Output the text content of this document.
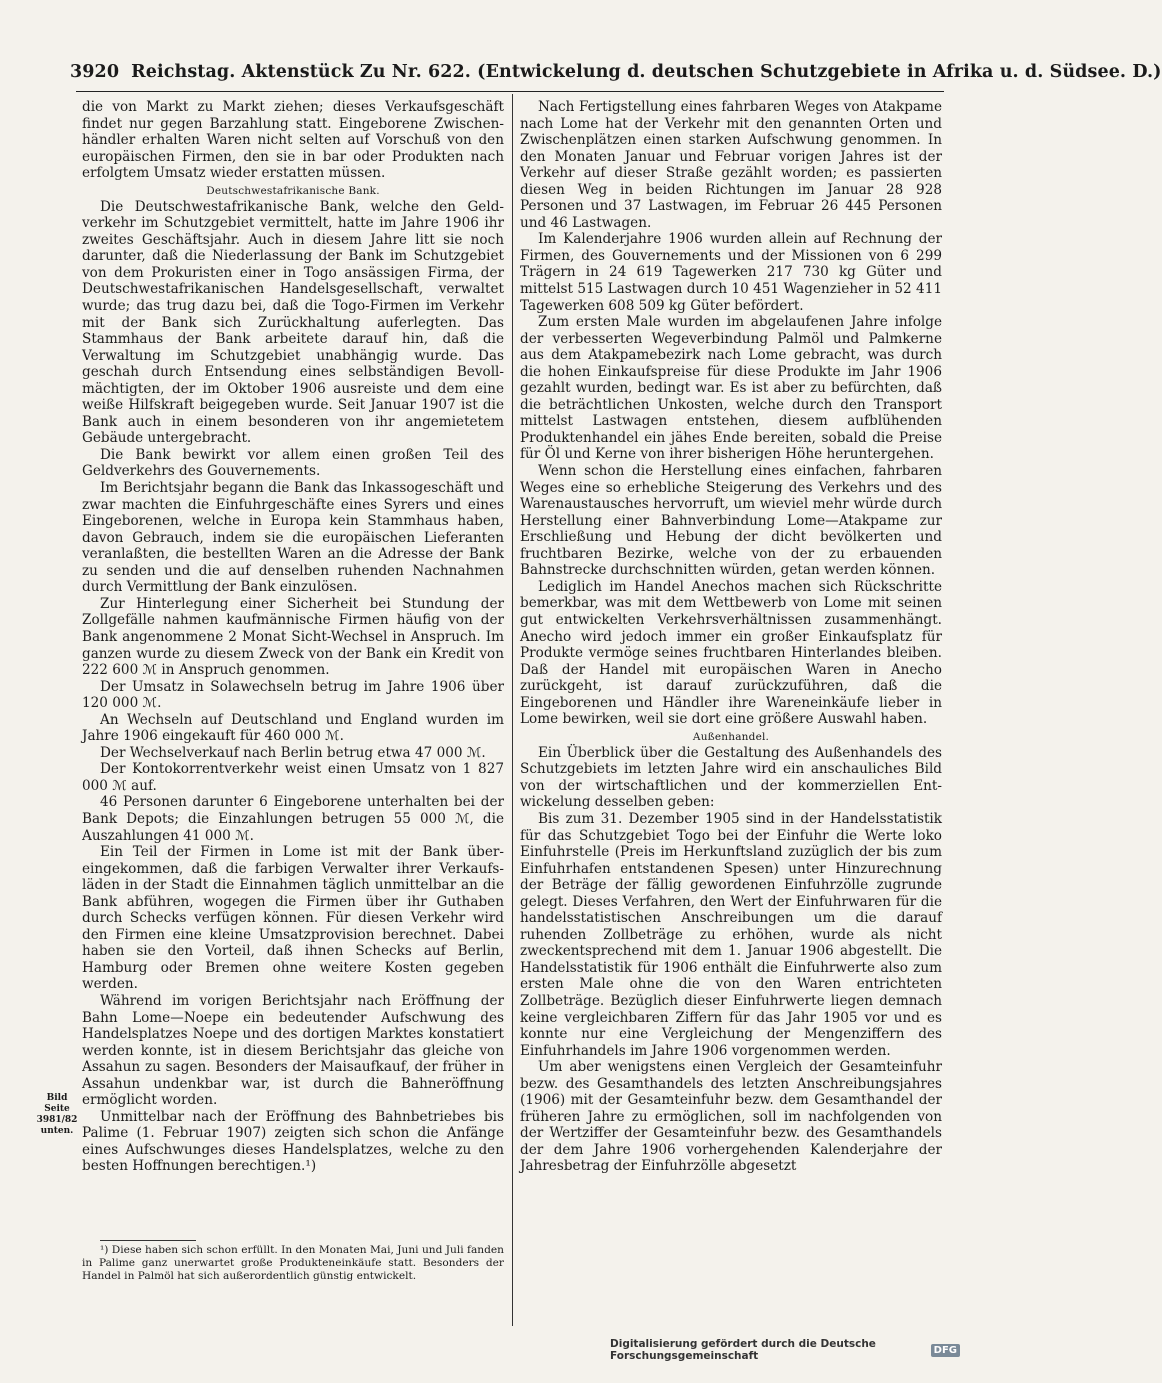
3920 Reichstag. Aktenstück Zu Nr. 622. (Entwickelung d. deutschen Schutzgebiete in Afrika u. d. Südsee. D.)

die von Markt zu Markt ziehen; dieses Verkaufsgeschäft findet nur gegen Barzahlung statt. Eingeborene Zwischenhändler erhalten Waren nicht selten auf Vorschuß von den europäischen Firmen, den sie in bar oder Produkten nach erfolgtem Umsatz wieder erstatten müssen.

Deutschwestafrikanische Bank.

Die Deutschwestafrikanische Bank, welche den Geldverkehr im Schutzgebiet vermittelt, hatte im Jahre 1906 ihr zweites Geschäftsjahr. Auch in diesem Jahre litt sie noch darunter, daß die Niederlassung der Bank im Schutzgebiet von dem Prokuristen einer in Togo ansässigen Firma, der Deutschwestafrikanischen Handelsgesellschaft, verwaltet wurde; das trug dazu bei, daß die Togo-Firmen im Verkehr mit der Bank sich Zurückhaltung auferlegten. Das Stammhaus der Bank arbeitete darauf hin, daß die Verwaltung im Schutzgebiet unabhängig wurde. Das geschah durch Entsendung eines selbständigen Bevollmächtigten, der im Oktober 1906 ausreiste und dem eine weiße Hilfskraft beigegeben wurde. Seit Januar 1907 ist die Bank auch in einem besonderen von ihr angemietetem Gebäude untergebracht.

Die Bank bewirkt vor allem einen großen Teil des Geldverkehrs des Gouvernements.

Im Berichtsjahr begann die Bank das Inkassogeschäft und zwar machten die Einfuhrgeschäfte eines Syrers und eines Eingeborenen, welche in Europa kein Stammhaus haben, davon Gebrauch, indem sie die europäischen Lieferanten veranlaßten, die bestellten Waren an die Adresse der Bank zu senden und die auf denselben ruhenden Nachnahmen durch Vermittlung der Bank einzulösen.

Zur Hinterlegung einer Sicherheit bei Stundung der Zollgefälle nahmen kaufmännische Firmen häufig von der Bank angenommene 2 Monat Sicht-Wechsel in Anspruch. Im ganzen wurde zu diesem Zweck von der Bank ein Kredit von 222 600 ℳ in Anspruch genommen.

Der Umsatz in Solawechseln betrug im Jahre 1906 über 120 000 ℳ.

An Wechseln auf Deutschland und England wurden im Jahre 1906 eingekauft für 460 000 ℳ.

Der Wechselverkauf nach Berlin betrug etwa 47 000 ℳ.

Der Kontokorrentverkehr weist einen Umsatz von 1 827 000 ℳ auf.

46 Personen darunter 6 Eingeborene unterhalten bei der Bank Depots; die Einzahlungen betrugen 55 000 ℳ, die Auszahlungen 41 000 ℳ.

Ein Teil der Firmen in Lome ist mit der Bank übereingekommen, daß die farbigen Verwalter ihrer Verkaufsläden in der Stadt die Einnahmen täglich unmittelbar an die Bank abführen, wogegen die Firmen über ihr Guthaben durch Schecks verfügen können. Für diesen Verkehr wird den Firmen eine kleine Umsatzprovision berechnet. Dabei haben sie den Vorteil, daß ihnen Schecks auf Berlin, Hamburg oder Bremen ohne weitere Kosten gegeben werden.

Während im vorigen Berichtsjahr nach Eröffnung der Bahn Lome—Noepe ein bedeutender Aufschwung des Handelsplatzes Noepe und des dortigen Marktes konstatiert werden konnte, ist in diesem Berichtsjahr das gleiche von Assahun zu sagen. Besonders der Maisaufkauf, der früher in Assahun undenkbar war, ist durch die Bahneröffnung ermöglicht worden.

Unmittelbar nach der Eröffnung des Bahnbetriebes bis Palime (1. Februar 1907) zeigten sich schon die Anfänge eines Aufschwunges dieses Handelsplatzes, welche zu den besten Hoffnungen berechtigen.¹)

Bild Seite 3981/82 unten.

¹) Diese haben sich schon erfüllt. In den Monaten Mai, Juni und Juli fanden in Palime ganz unerwartet große Produkteneinkäufe statt. Besonders der Handel in Palmöl hat sich außerordentlich günstig entwickelt.

Nach Fertigstellung eines fahrbaren Weges von Atakpame nach Lome hat der Verkehr mit den genannten Orten und Zwischenplätzen einen starken Aufschwung genommen. In den Monaten Januar und Februar vorigen Jahres ist der Verkehr auf dieser Straße gezählt worden; es passierten diesen Weg in beiden Richtungen im Januar 28 928 Personen und 37 Lastwagen, im Februar 26 445 Personen und 46 Lastwagen.

Im Kalenderjahre 1906 wurden allein auf Rechnung der Firmen, des Gouvernements und der Missionen von 6 299 Trägern in 24 619 Tagewerken 217 730 kg Güter und mittelst 515 Lastwagen durch 10 451 Wagenzieher in 52 411 Tagewerken 608 509 kg Güter befördert.

Zum ersten Male wurden im abgelaufenen Jahre infolge der verbesserten Wegeverbindung Palmöl und Palmkerne aus dem Atakpamebezirk nach Lome gebracht, was durch die hohen Einkaufspreise für diese Produkte im Jahr 1906 gezahlt wurden, bedingt war. Es ist aber zu befürchten, daß die beträchtlichen Unkosten, welche durch den Transport mittelst Lastwagen entstehen, diesem aufblühenden Produktenhandel ein jähes Ende bereiten, sobald die Preise für Öl und Kerne von ihrer bisherigen Höhe heruntergehen.

Wenn schon die Herstellung eines einfachen, fahrbaren Weges eine so erhebliche Steigerung des Verkehrs und des Warenaustausches hervorruft, um wieviel mehr würde durch Herstellung einer Bahnverbindung Lome—Atakpame zur Erschließung und Hebung der dicht bevölkerten und fruchtbaren Bezirke, welche von der zu erbauenden Bahnstrecke durchschnitten würden, getan werden können.

Lediglich im Handel Anechos machen sich Rückschritte bemerkbar, was mit dem Wettbewerb von Lome mit seinen gut entwickelten Verkehrsverhältnissen zusammenhängt. Anecho wird jedoch immer ein großer Einkaufsplatz für Produkte vermöge seines fruchtbaren Hinterlandes bleiben. Daß der Handel mit europäischen Waren in Anecho zurückgeht, ist darauf zurückzuführen, daß die Eingeborenen und Händler ihre Wareneinkäufe lieber in Lome bewirken, weil sie dort eine größere Auswahl haben.

Außenhandel.

Ein Überblick über die Gestaltung des Außenhandels des Schutzgebiets im letzten Jahre wird ein anschauliches Bild von der wirtschaftlichen und der kommerziellen Entwickelung desselben geben:

Bis zum 31. Dezember 1905 sind in der Handelsstatistik für das Schutzgebiet Togo bei der Einfuhr die Werte loko Einfuhrstelle (Preis im Herkunftsland zuzüglich der bis zum Einfuhrhafen entstandenen Spesen) unter Hinzurechnung der Beträge der fällig gewordenen Einfuhrzölle zugrunde gelegt. Dieses Verfahren, den Wert der Einfuhrwaren für die handelsstatistischen Anschreibungen um die darauf ruhenden Zollbeträge zu erhöhen, wurde als nicht zweckentsprechend mit dem 1. Januar 1906 abgestellt. Die Handelsstatistik für 1906 enthält die Einfuhrwerte also zum ersten Male ohne die von den Waren entrichteten Zollbeträge. Bezüglich dieser Einfuhrwerte liegen demnach keine vergleichbaren Ziffern für das Jahr 1905 vor und es konnte nur eine Vergleichung der Mengenziffern des Einfuhrhandels im Jahre 1906 vorgenommen werden.

Um aber wenigstens einen Vergleich der Gesamteinfuhr bezw. des Gesamthandels des letzten Anschreibungsjahres (1906) mit der Gesamteinfuhr bezw. dem Gesamthandel der früheren Jahre zu ermöglichen, soll im nachfolgenden von der Wertziffer der Gesamteinfuhr bezw. des Gesamthandels der dem Jahre 1906 vorhergehenden Kalenderjahre der Jahresbetrag der Einfuhrzölle abgesetzt

Digitalisierung gefördert durch die Deutsche Forschungsgemeinschaft	DFG
